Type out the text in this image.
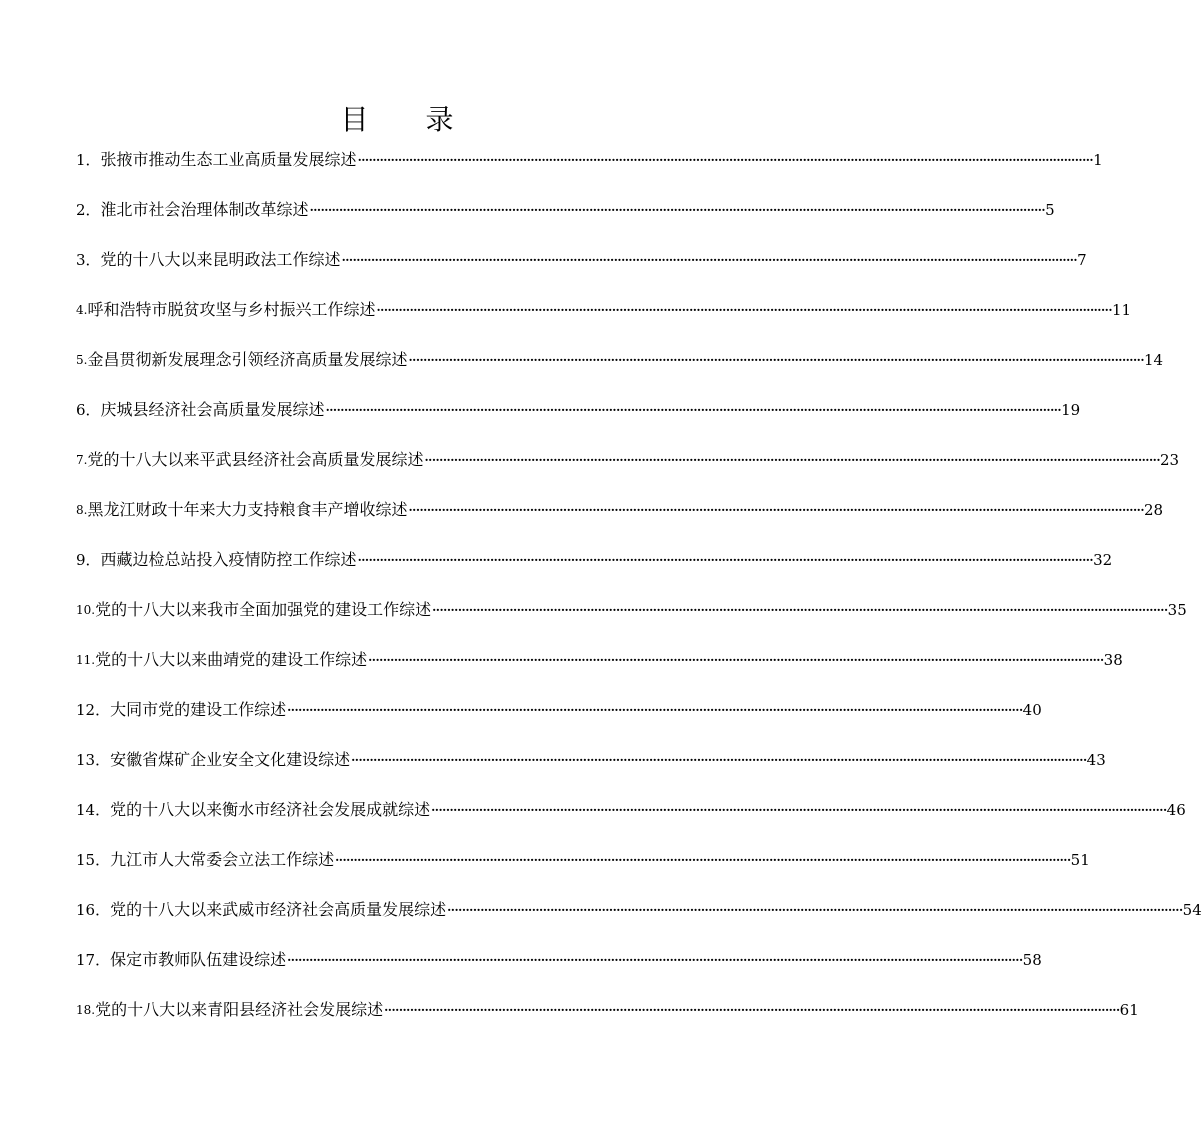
目 录
1． 张掖市推动生态工业高质量发展综述 ········································································································································································································ 1
2． 淮北市社会治理体制改革综述 ········································································································································································································ 5
3． 党的十八大以来昆明政法工作综述 ········································································································································································································ 7
4. 呼和浩特市脱贫攻坚与乡村振兴工作综述 ········································································································································································································ 11
5. 金昌贯彻新发展理念引领经济高质量发展综述 ········································································································································································································ 14
6． 庆城县经济社会高质量发展综述 ········································································································································································································ 19
7. 党的十八大以来平武县经济社会高质量发展综述 ········································································································································································································ 23
8. 黑龙江财政十年来大力支持粮食丰产增收综述 ········································································································································································································ 28
9． 西藏边检总站投入疫情防控工作综述 ········································································································································································································ 32
10. 党的十八大以来我市全面加强党的建设工作综述 ········································································································································································································ 35
11. 党的十八大以来曲靖党的建设工作综述 ········································································································································································································ 38
12． 大同市党的建设工作综述 ········································································································································································································ 40
13． 安徽省煤矿企业安全文化建设综述 ········································································································································································································ 43
14． 党的十八大以来衡水市经济社会发展成就综述 ········································································································································································································ 46
15． 九江市人大常委会立法工作综述 ········································································································································································································ 51
16． 党的十八大以来武威市经济社会高质量发展综述 ········································································································································································································ 54
17． 保定市教师队伍建设综述 ········································································································································································································ 58
18. 党的十八大以来青阳县经济社会发展综述 ········································································································································································································ 61
